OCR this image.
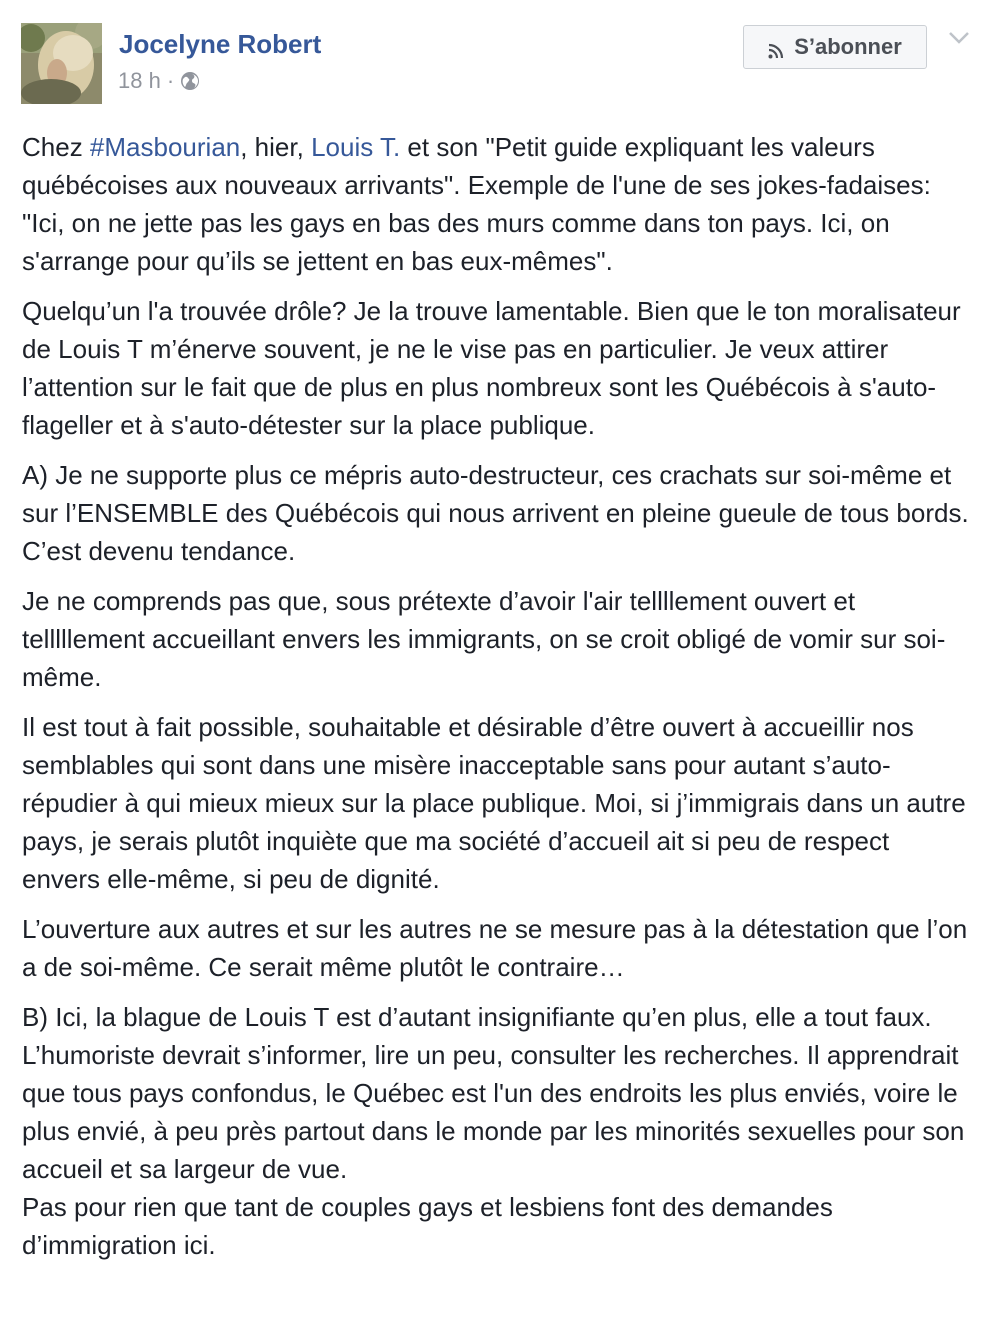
Jocelyne Robert
18 h ·
S’abonner

Chez #Masbourian, hier, Louis T. et son "Petit guide expliquant les valeurs québécoises aux nouveaux arrivants". Exemple de l'une de ses jokes-fadaises:
"Ici, on ne jette pas les gays en bas des murs comme dans ton pays. Ici, on s'arrange pour qu’ils se jettent en bas eux-mêmes".

Quelqu’un l'a trouvée drôle? Je la trouve lamentable. Bien que le ton moralisateur de Louis T m’énerve souvent, je ne le vise pas en particulier. Je veux attirer l’attention sur le fait que de plus en plus nombreux sont les Québécois à s'auto-flageller et à s'auto-détester sur la place publique.

A) Je ne supporte plus ce mépris auto-destructeur, ces crachats sur soi-même et sur l’ENSEMBLE des Québécois qui nous arrivent en pleine gueule de tous bords. C’est devenu tendance.

Je ne comprends pas que, sous prétexte d’avoir l'air tellllement ouvert et telllllement accueillant envers les immigrants, on se croit obligé de vomir sur soi-même.

Il est tout à fait possible, souhaitable et désirable d’être ouvert à accueillir nos semblables qui sont dans une misère inacceptable sans pour autant s’auto-répudier à qui mieux mieux sur la place publique. Moi, si j’immigrais dans un autre pays, je serais plutôt inquiète que ma société d’accueil ait si peu de respect envers elle-même, si peu de dignité.

L’ouverture aux autres et sur les autres ne se mesure pas à la détestation que l’on a de soi-même. Ce serait même plutôt le contraire…

B) Ici, la blague de Louis T est d’autant insignifiante qu’en plus, elle a tout faux. L’humoriste devrait s’informer, lire un peu, consulter les recherches. Il apprendrait que tous pays confondus, le Québec est l'un des endroits les plus enviés, voire le plus envié, à peu près partout dans le monde par les minorités sexuelles pour son accueil et sa largeur de vue.
Pas pour rien que tant de couples gays et lesbiens font des demandes d’immigration ici.
